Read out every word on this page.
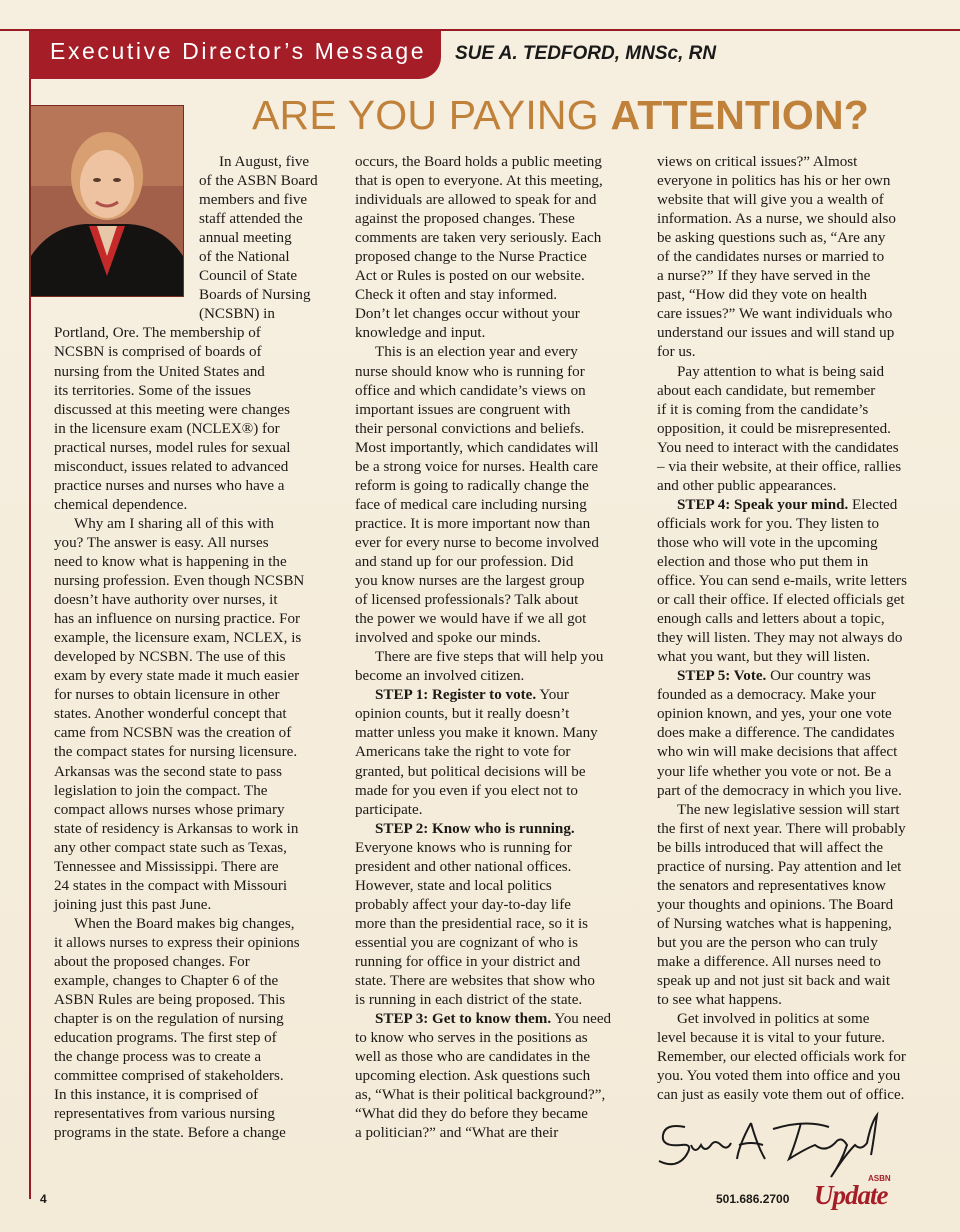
Executive Director’s Message SUE A. TEDFORD, MNSc, RN
ARE YOU PAYING ATTENTION?

In August, five

of the ASBN Board

members and five

staff attended the

annual meeting

of the National

Council of State

Boards of Nursing

(NCSBN) in

Portland, Ore. The membership of

NCSBN is comprised of boards of

nursing from the United States and

its territories. Some of the issues

discussed at this meeting were changes

in the licensure exam (NCLEX®) for

practical nurses, model rules for sexual

misconduct, issues related to advanced

practice nurses and nurses who have a

chemical dependence.

Why am I sharing all of this with

you? The answer is easy. All nurses

need to know what is happening in the

nursing profession. Even though NCSBN

doesn’t have authority over nurses, it

has an influence on nursing practice. For

example, the licensure exam, NCLEX, is

developed by NCSBN. The use of this

exam by every state made it much easier

for nurses to obtain licensure in other

states. Another wonderful concept that

came from NCSBN was the creation of

the compact states for nursing licensure.

Arkansas was the second state to pass

legislation to join the compact. The

compact allows nurses whose primary

state of residency is Arkansas to work in

any other compact state such as Texas,

Tennessee and Mississippi. There are

24 states in the compact with Missouri

joining just this past June.

When the Board makes big changes,

it allows nurses to express their opinions

about the proposed changes. For

example, changes to Chapter 6 of the

ASBN Rules are being proposed. This

chapter is on the regulation of nursing

education programs. The first step of

the change process was to create a

committee comprised of stakeholders.

In this instance, it is comprised of

representatives from various nursing

programs in the state. Before a change

occurs, the Board holds a public meeting

that is open to everyone. At this meeting,

individuals are allowed to speak for and

against the proposed changes. These

comments are taken very seriously. Each

proposed change to the Nurse Practice

Act or Rules is posted on our website.

Check it often and stay informed.

Don’t let changes occur without your

knowledge and input.

This is an election year and every

nurse should know who is running for

office and which candidate’s views on

important issues are congruent with

their personal convictions and beliefs.

Most importantly, which candidates will

be a strong voice for nurses. Health care

reform is going to radically change the

face of medical care including nursing

practice. It is more important now than

ever for every nurse to become involved

and stand up for our profession. Did

you know nurses are the largest group

of licensed professionals? Talk about

the power we would have if we all got

involved and spoke our minds.

There are five steps that will help you

become an involved citizen.

STEP 1: Register to vote. Your

opinion counts, but it really doesn’t

matter unless you make it known. Many

Americans take the right to vote for

granted, but political decisions will be

made for you even if you elect not to

participate.

STEP 2: Know who is running.

Everyone knows who is running for

president and other national offices.

However, state and local politics

probably affect your day-to-day life

more than the presidential race, so it is

essential you are cognizant of who is

running for office in your district and

state. There are websites that show who

is running in each district of the state.

STEP 3: Get to know them. You need

to know who serves in the positions as

well as those who are candidates in the

upcoming election. Ask questions such

as, “What is their political background?”,

“What did they do before they became

a politician?” and “What are their

views on critical issues?” Almost

everyone in politics has his or her own

website that will give you a wealth of

information. As a nurse, we should also

be asking questions such as, “Are any

of the candidates nurses or married to

a nurse?” If they have served in the

past, “How did they vote on health

care issues?” We want individuals who

understand our issues and will stand up

for us.

Pay attention to what is being said

about each candidate, but remember

if it is coming from the candidate’s

opposition, it could be misrepresented.

You need to interact with the candidates

– via their website, at their office, rallies

and other public appearances.

STEP 4: Speak your mind. Elected

officials work for you. They listen to

those who will vote in the upcoming

election and those who put them in

office. You can send e-mails, write letters

or call their office. If elected officials get

enough calls and letters about a topic,

they will listen. They may not always do

what you want, but they will listen.

STEP 5: Vote. Our country was

founded as a democracy. Make your

opinion known, and yes, your one vote

does make a difference. The candidates

who win will make decisions that affect

your life whether you vote or not. Be a

part of the democracy in which you live.

The new legislative session will start

the first of next year. There will probably

be bills introduced that will affect the

practice of nursing. Pay attention and let

the senators and representatives know

your thoughts and opinions. The Board

of Nursing watches what is happening,

but you are the person who can truly

make a difference. All nurses need to

speak up and not just sit back and wait

to see what happens.

Get involved in politics at some

level because it is vital to your future.

Remember, our elected officials work for

you. You voted them into office and you

can just as easily vote them out of office.

4	501.686.2700
ASBN
Update
